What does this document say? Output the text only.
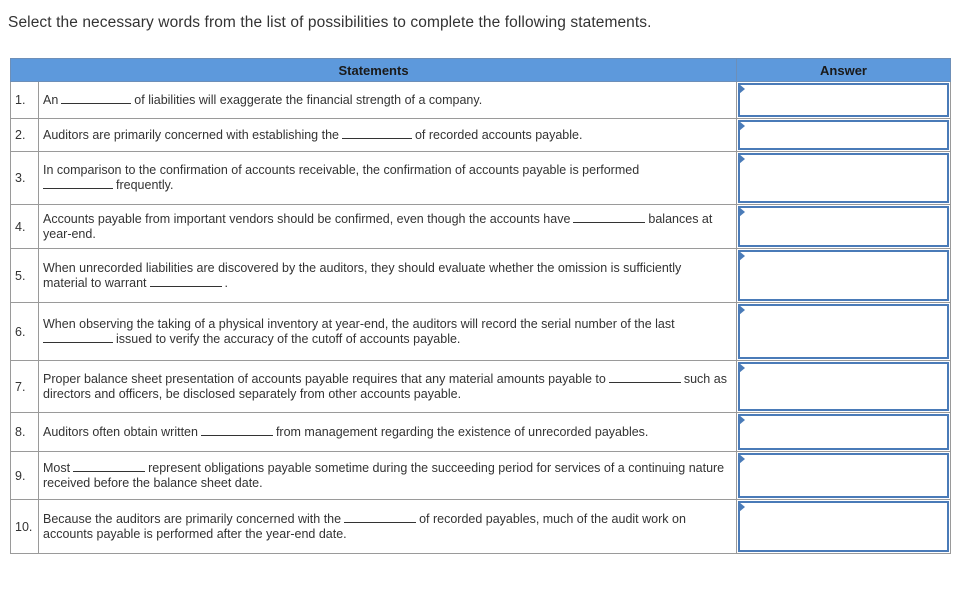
Select the necessary words from the list of possibilities to complete the following statements.
Statements		Answer
1.	An of liabilities will exaggerate the financial strength of a company.	

2.	Auditors are primarily concerned with establishing the of recorded accounts payable.	

3.	In comparison to the confirmation of accounts receivable, the confirmation of accounts payable is performed
frequently.	

4.	Accounts payable from important vendors should be confirmed, even though the accounts have balances at year-end.	

5.	When unrecorded liabilities are discovered by the auditors, they should evaluate whether the omission is sufficiently material to warrant .	

6.	When observing the taking of a physical inventory at year-end, the auditors will record the serial number of the last
issued to verify the accuracy of the cutoff of accounts payable.	

7.	Proper balance sheet presentation of accounts payable requires that any material amounts payable to such as directors and officers, be disclosed separately from other accounts payable.	

8.	Auditors often obtain written from management regarding the existence of unrecorded payables.	

9.	Most represent obligations payable sometime during the succeeding period for services of a continuing nature received before the balance sheet date.	

10.	Because the auditors are primarily concerned with the of recorded payables, much of the audit work on accounts payable is performed after the year-end date.	
